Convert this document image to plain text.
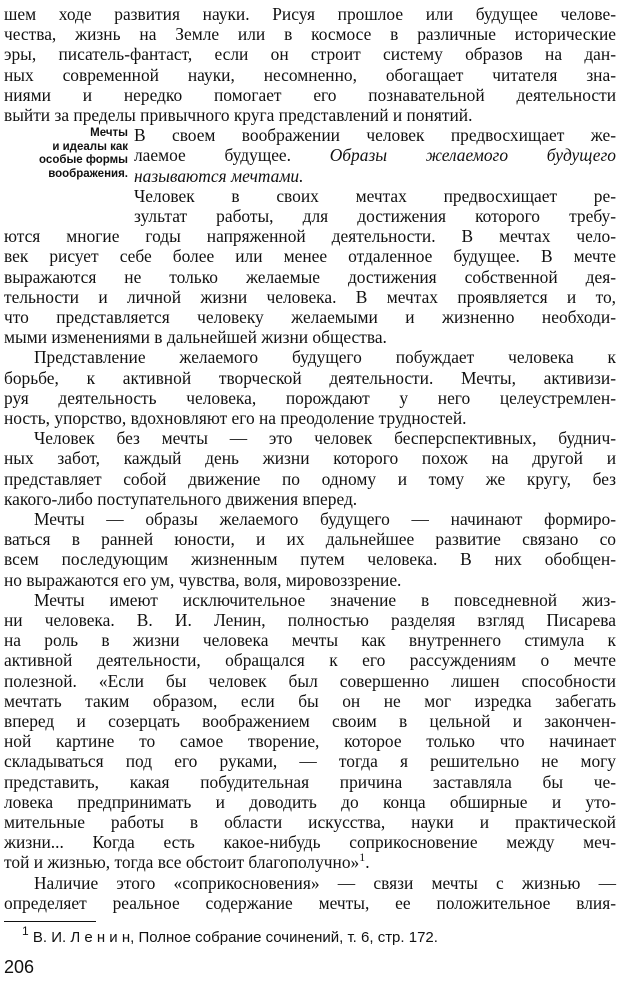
шем ходе развития науки. Рисуя прошлое или будущее челове-
чества, жизнь на Земле или в космосе в различные исторические
эры, писатель-фантаст, если он строит систему образов на дан-
ных современной науки, несомненно, обогащает читателя зна-
ниями и нередко помогает его познавательной деятельности
выйти за пределы привычного круга представлений и понятий.
Мечты
и идеалы как
особые формы
воображения.
В своем воображении человек предвосхищает же-
лаемое будущее. Образы желаемого будущего
называются мечтами.
Человек в своих мечтах предвосхищает ре-
зультат работы, для достижения которого требу-
ются многие годы напряженной деятельности. В мечтах чело-
век рисует себе более или менее отдаленное будущее. В мечте
выражаются не только желаемые достижения собственной дея-
тельности и личной жизни человека. В мечтах проявляется и то,
что представляется человеку желаемыми и жизненно необходи-
мыми изменениями в дальнейшей жизни общества.
Представление желаемого будущего побуждает человека к
борьбе, к активной творческой деятельности. Мечты, активизи-
руя деятельность человека, порождают у него целеустремлен-
ность, упорство, вдохновляют его на преодоление трудностей.
Человек без мечты — это человек бесперспективных, буднич-
ных забот, каждый день жизни которого похож на другой и
представляет собой движение по одному и тому же кругу, без
какого-либо поступательного движения вперед.
Мечты — образы желаемого будущего — начинают формиро-
ваться в ранней юности, и их дальнейшее развитие связано со
всем последующим жизненным путем человека. В них обобщен-
но выражаются его ум, чувства, воля, мировоззрение.
Мечты имеют исключительное значение в повседневной жиз-
ни человека. В. И. Ленин, полностью разделяя взгляд Писарева
на роль в жизни человека мечты как внутреннего стимула к
активной деятельности, обращался к его рассуждениям о мечте
полезной. «Если бы человек был совершенно лишен способности
мечтать таким образом, если бы он не мог изредка забегать
вперед и созерцать воображением своим в цельной и закончен-
ной картине то самое творение, которое только что начинает
складываться под его руками, — тогда я решительно не могу
представить, какая побудительная причина заставляла бы че-
ловека предпринимать и доводить до конца обширные и уто-
мительные работы в области искусства, науки и практической
жизни... Когда есть какое-нибудь соприкосновение между меч-
той и жизнью, тогда все обстоит благополучно»$^1$.
Наличие этого «соприкосновения» — связи мечты с жизнью —
определяет реальное содержание мечты, ее положительное влия-
$^1$ В. И. Л е н и н, Полное собрание сочинений, т. 6, стр. 172.
206
